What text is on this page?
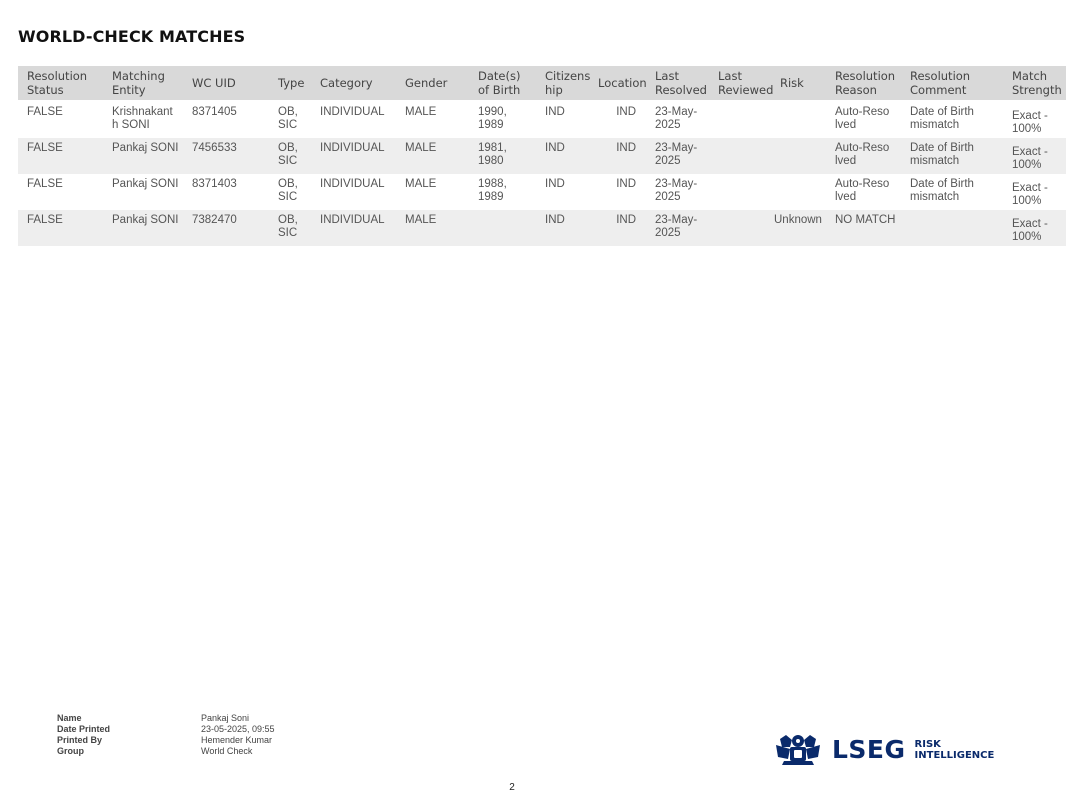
WORLD-CHECK MATCHES
Resolution Status	Matching Entity	WC UID	Type	Category	Gender	Date(s) of Birth	Citizens hip	Location	Last Resolved	Last Reviewed	Risk	Resolution Reason	Resolution Comment	Match Strength
FALSE	Krishnakanth SONI	8371405	OB, SIC	INDIVIDUAL	MALE	1990, 1989	IND	IND	23-May-2025			Auto-Reso lved	Date of Birth mismatch	Exact - 100%
FALSE	Pankaj SONI	7456533	OB, SIC	INDIVIDUAL	MALE	1981, 1980	IND	IND	23-May-2025			Auto-Reso lved	Date of Birth mismatch	Exact - 100%
FALSE	Pankaj SONI	8371403	OB, SIC	INDIVIDUAL	MALE	1988, 1989	IND	IND	23-May-2025			Auto-Reso lved	Date of Birth mismatch	Exact - 100%
FALSE	Pankaj SONI	7382470	OB, SIC	INDIVIDUAL	MALE		IND	IND	23-May-2025		Unknown	NO MATCH		Exact - 100%
Name	Pankaj Soni
Date Printed	23-05-2025, 09:55
Printed By	Hemender Kumar
Group	World Check	LSEG RISK
INTELLIGENCE
2
